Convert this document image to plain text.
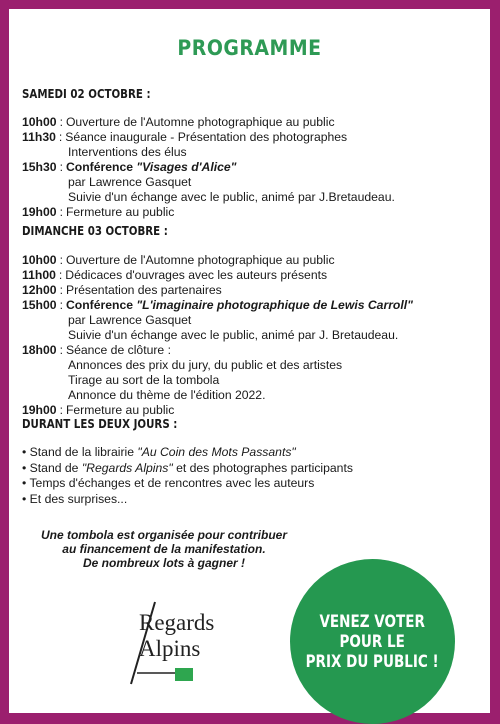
PROGRAMME
SAMEDI 02 OCTOBRE :
10h00 : Ouverture de l'Automne photographique au public
11h30 : Séance inaugurale - Présentation des photographes
Interventions des élus
15h30 : Conférence
"Visages d'Alice"
par Lawrence Gasquet
Suivie d'un échange avec le public, animé par J.Bretaudeau.
19h00 : Fermeture au public
DIMANCHE 03 OCTOBRE :
10h00 : Ouverture de l'Automne photographique au public
11h00 : Dédicaces d'ouvrages avec les auteurs présents
12h00 : Présentation des partenaires
15h00 : Conférence
"L'imaginaire photographique de Lewis Carroll"
par Lawrence Gasquet
Suivie d'un échange avec le public, animé par J. Bretaudeau.
18h00 : Séance de clôture :
Annonces des prix du jury, du public et des artistes
Tirage au sort de la tombola
Annonce du thème de l'édition 2022.
19h00 : Fermeture au public
DURANT LES DEUX JOURS :
• Stand de la librairie "Au Coin des Mots Passants"
• Stand de "Regards Alpins" et des photographes participants
• Temps d'échanges et de rencontres avec les auteurs
• Et des surprises...
Une tombola est organisée pour contribuer
au financement de la manifestation.
De nombreux lots à gagner !
Regards
Alpins
VENEZ VOTER
POUR LE
PRIX DU PUBLIC !
